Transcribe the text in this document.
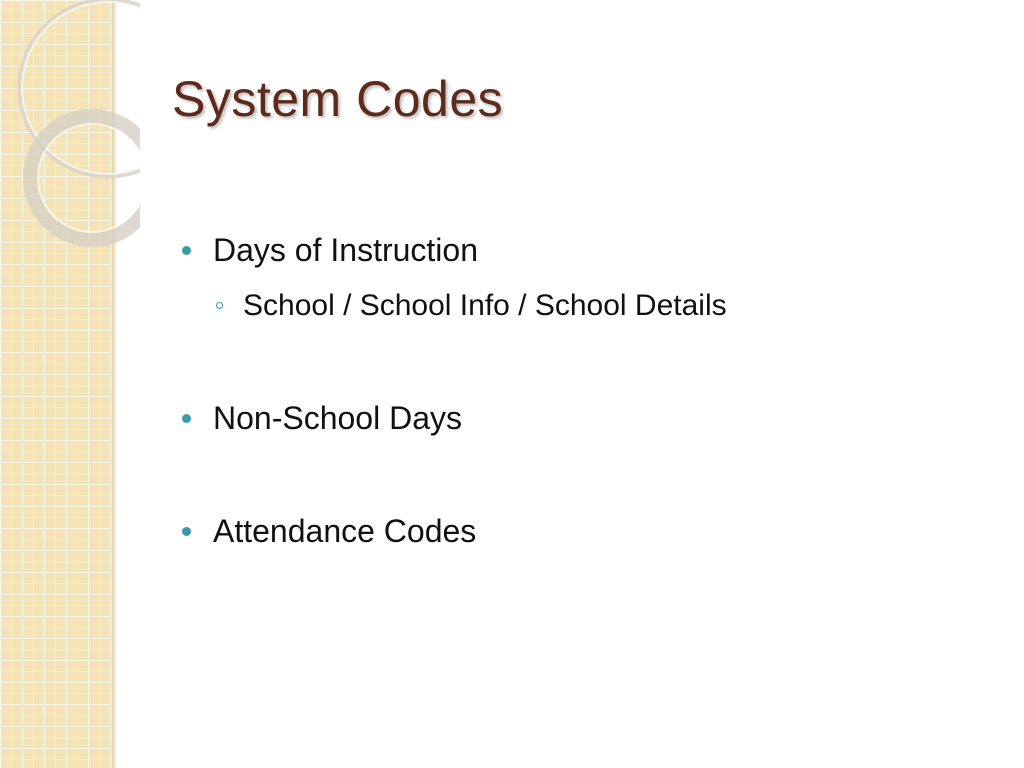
System Codes
Days of Instruction
School / School Info / School Details
Non-School Days
Attendance Codes
